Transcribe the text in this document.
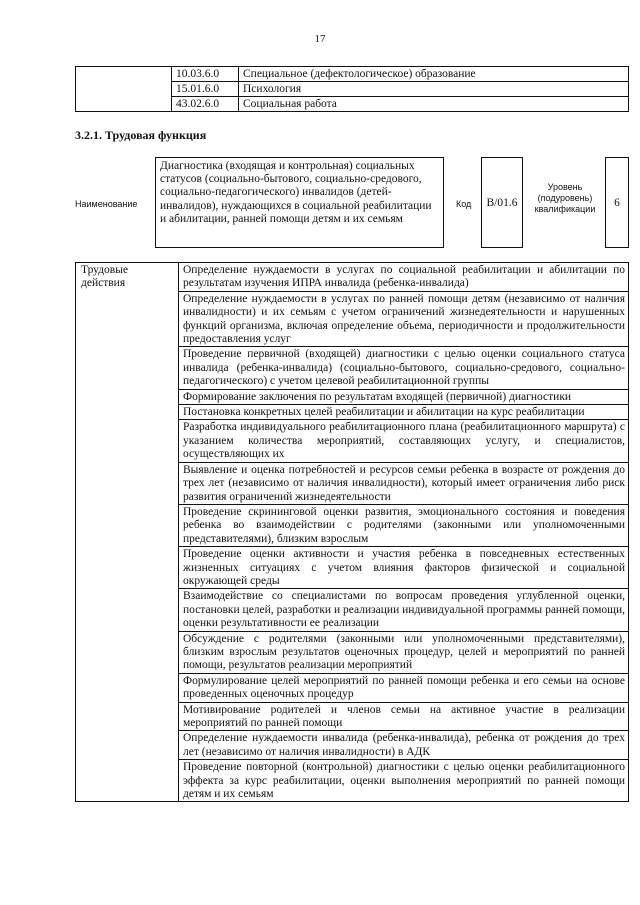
17
	10.03.6.0	Специальное (дефектологическое) образование
	15.01.6.0	Психология
	43.02.6.0	Социальная работа
3.2.1. Трудовая функция
Наименование
Диагностика (входящая и контрольная) социальных статусов (социально-бытового, социально-средового, социально-педагогического) инвалидов (детей-инвалидов), нуждающихся в социальной реабилитации и абилитации, ранней помощи детям и их семьям
Код	В/01.6
Уровень (подуровень) квалификации
6
Трудовые действия	Определение нуждаемости в услугах по социальной реабилитации и абилитации по результатам изучения ИПРА инвалида (ребенка-инвалида)
Определение нуждаемости в услугах по ранней помощи детям (независимо от наличия инвалидности) и их семьям с учетом ограничений жизнедеятельности и нарушенных функций организма, включая определение объема, периодичности и продолжительности предоставления услуг
Проведение первичной (входящей) диагностики с целью оценки социального статуса инвалида (ребенка-инвалида) (социально-бытового, социально-средового, социально-педагогического) с учетом целевой реабилитационной группы
Формирование заключения по результатам входящей (первичной) диагностики
Постановка конкретных целей реабилитации и абилитации на курс реабилитации
Разработка индивидуального реабилитационного плана (реабилитационного маршрута) с указанием количества мероприятий, составляющих услугу, и специалистов, осуществляющих их
Выявление и оценка потребностей и ресурсов семьи ребенка в возрасте от рождения до трех лет (независимо от наличия инвалидности), который имеет ограничения либо риск развития ограничений жизнедеятельности
Проведение скрининговой оценки развития, эмоционального состояния и поведения ребенка во взаимодействии с родителями (законными или уполномоченными представителями), близким взрослым
Проведение оценки активности и участия ребенка в повседневных естественных жизненных ситуациях с учетом влияния факторов физической и социальной окружающей среды
Взаимодействие со специалистами по вопросам проведения углубленной оценки, постановки целей, разработки и реализации индивидуальной программы ранней помощи, оценки результативности ее реализации
Обсуждение с родителями (законными или уполномоченными представителями), близким взрослым результатов оценочных процедур, целей и мероприятий по ранней помощи, результатов реализации мероприятий
Формулирование целей мероприятий по ранней помощи ребенка и его семьи на основе проведенных оценочных процедур
Мотивирование родителей и членов семьи на активное участие в реализации мероприятий по ранней помощи
Определение нуждаемости инвалида (ребенка-инвалида), ребенка от рождения до трех лет (независимо от наличия инвалидности) в АДК
Проведение повторной (контрольной) диагностики с целью оценки реабилитационного эффекта за курс реабилитации, оценки выполнения мероприятий по ранней помощи детям и их семьям
